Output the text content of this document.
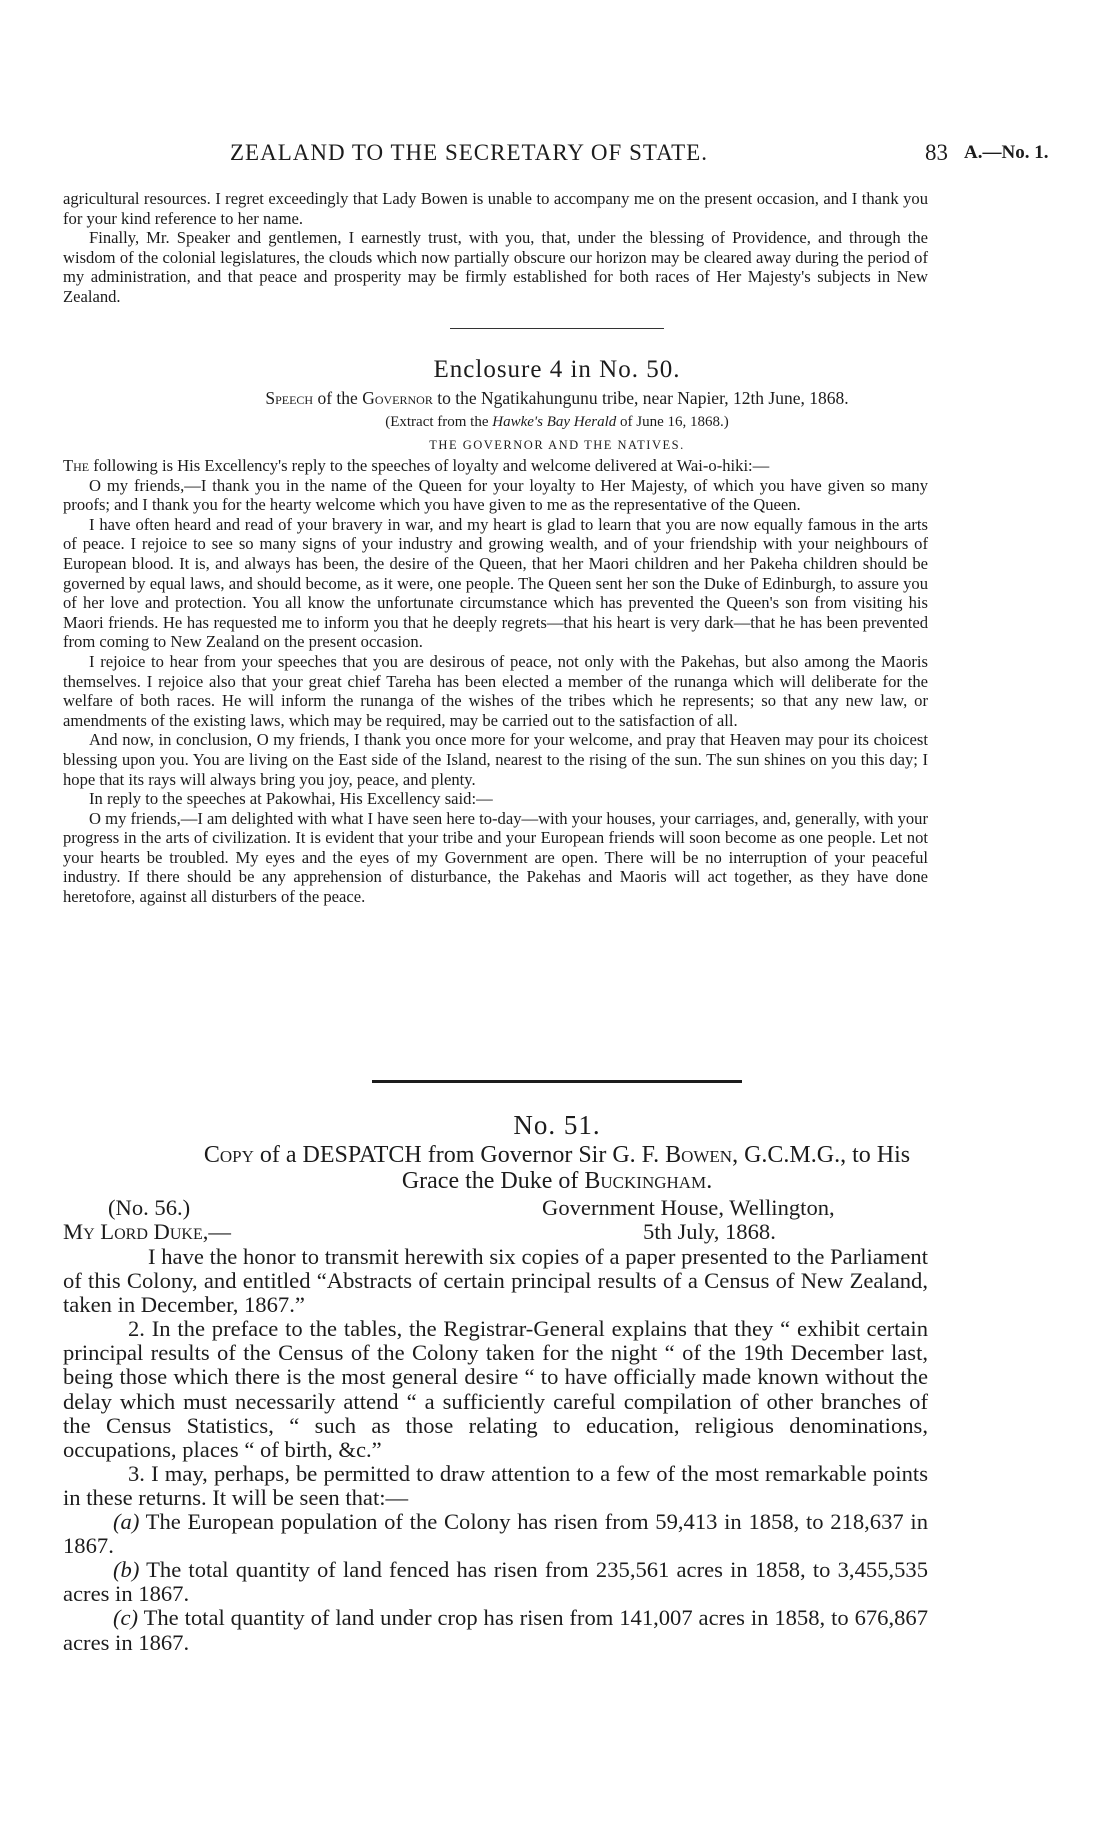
ZEALAND TO THE SECRETARY OF STATE.	83 A.—No. 1.

agricultural resources. I regret exceedingly that Lady Bowen is unable to accompany me on the present occasion, and I thank you for your kind reference to her name.

Finally, Mr. Speaker and gentlemen, I earnestly trust, with you, that, under the blessing of Providence, and through the wisdom of the colonial legislatures, the clouds which now partially obscure our horizon may be cleared away during the period of my administration, and that peace and prosperity may be firmly established for both races of Her Majesty's subjects in New Zealand.

Enclosure 4 in No. 50.
Speech of the Governor to the Ngatikahungunu tribe, near Napier, 12th June, 1868.
(Extract from the Hawke's Bay Herald of June 16, 1868.)
THE GOVERNOR AND THE NATIVES.

The following is His Excellency's reply to the speeches of loyalty and welcome delivered at Wai-o-hiki:—

O my friends,—I thank you in the name of the Queen for your loyalty to Her Majesty, of which you have given so many proofs; and I thank you for the hearty welcome which you have given to me as the representative of the Queen.

I have often heard and read of your bravery in war, and my heart is glad to learn that you are now equally famous in the arts of peace. I rejoice to see so many signs of your industry and growing wealth, and of your friendship with your neighbours of European blood. It is, and always has been, the desire of the Queen, that her Maori children and her Pakeha children should be governed by equal laws, and should become, as it were, one people. The Queen sent her son the Duke of Edinburgh, to assure you of her love and protection. You all know the unfortunate circumstance which has prevented the Queen's son from visiting his Maori friends. He has requested me to inform you that he deeply regrets—that his heart is very dark—that he has been prevented from coming to New Zealand on the present occasion.

I rejoice to hear from your speeches that you are desirous of peace, not only with the Pakehas, but also among the Maoris themselves. I rejoice also that your great chief Tareha has been elected a member of the runanga which will deliberate for the welfare of both races. He will inform the runanga of the wishes of the tribes which he represents; so that any new law, or amendments of the existing laws, which may be required, may be carried out to the satisfaction of all.

And now, in conclusion, O my friends, I thank you once more for your welcome, and pray that Heaven may pour its choicest blessing upon you. You are living on the East side of the Island, nearest to the rising of the sun. The sun shines on you this day; I hope that its rays will always bring you joy, peace, and plenty.

In reply to the speeches at Pakowhai, His Excellency said:—

O my friends,—I am delighted with what I have seen here to-day—with your houses, your carriages, and, generally, with your progress in the arts of civilization. It is evident that your tribe and your European friends will soon become as one people. Let not your hearts be troubled. My eyes and the eyes of my Government are open. There will be no interruption of your peaceful industry. If there should be any apprehension of disturbance, the Pakehas and Maoris will act together, as they have done heretofore, against all disturbers of the peace.

No. 51.
Copy of a DESPATCH from Governor Sir G. F. Bowen, G.C.M.G., to His Grace the Duke of Buckingham.
(No. 56.)	Government House, Wellington,
My Lord Duke,—	5th July, 1868.

I have the honor to transmit herewith six copies of a paper presented to the Parliament of this Colony, and entitled “Abstracts of certain principal results of a Census of New Zealand, taken in December, 1867.”

2. In the preface to the tables, the Registrar-General explains that they “ exhibit certain principal results of the Census of the Colony taken for the night “ of the 19th December last, being those which there is the most general desire “ to have officially made known without the delay which must necessarily attend “ a sufficiently careful compilation of other branches of the Census Statistics, “ such as those relating to education, religious denominations, occupations, places “ of birth, &c.”

3. I may, perhaps, be permitted to draw attention to a few of the most remarkable points in these returns. It will be seen that:—

(a) The European population of the Colony has risen from 59,413 in 1858, to 218,637 in 1867.

(b) The total quantity of land fenced has risen from 235,561 acres in 1858, to 3,455,535 acres in 1867.

(c) The total quantity of land under crop has risen from 141,007 acres in 1858, to 676,867 acres in 1867.
